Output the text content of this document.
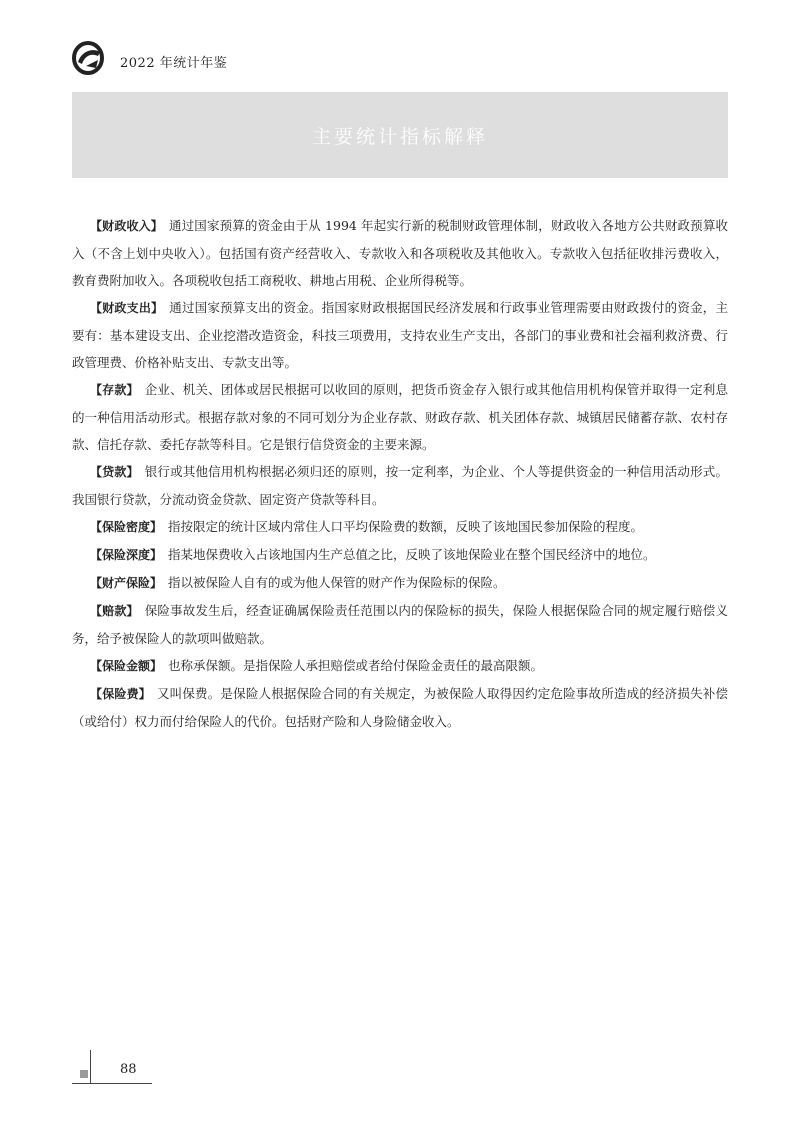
2022 年统计年鉴
主要统计指标解释

【财政收入】 通过国家预算的资金由于从 1994 年起实行新的税制财政管理体制，财政收入各地方公共财政预算收入（不含上划中央收入）。包括国有资产经营收入、专款收入和各项税收及其他收入。专款收入包括征收排污费收入，教育费附加收入。各项税收包括工商税收、耕地占用税、企业所得税等。

【财政支出】 通过国家预算支出的资金。指国家财政根据国民经济发展和行政事业管理需要由财政拨付的资金，主要有：基本建设支出、企业挖潜改造资金，科技三项费用，支持农业生产支出，各部门的事业费和社会福利救济费、行政管理费、价格补贴支出、专款支出等。

【存款】 企业、机关、团体或居民根据可以收回的原则，把货币资金存入银行或其他信用机构保管并取得一定利息的一种信用活动形式。根据存款对象的不同可划分为企业存款、财政存款、机关团体存款、城镇居民储蓄存款、农村存款、信托存款、委托存款等科目。它是银行信贷资金的主要来源。

【贷款】 银行或其他信用机构根据必须归还的原则，按一定利率，为企业、个人等提供资金的一种信用活动形式。我国银行贷款，分流动资金贷款、固定资产贷款等科目。

【保险密度】 指按限定的统计区域内常住人口平均保险费的数额，反映了该地国民参加保险的程度。

【保险深度】 指某地保费收入占该地国内生产总值之比，反映了该地保险业在整个国民经济中的地位。

【财产保险】 指以被保险人自有的或为他人保管的财产作为保险标的保险。

【赔款】 保险事故发生后，经查证确属保险责任范围以内的保险标的损失，保险人根据保险合同的规定履行赔偿义务，给予被保险人的款项叫做赔款。

【保险金额】 也称承保额。是指保险人承担赔偿或者给付保险金责任的最高限额。

【保险费】 又叫保费。是保险人根据保险合同的有关规定，为被保险人取得因约定危险事故所造成的经济损失补偿（或给付）权力而付给保险人的代价。包括财产险和人身险储金收入。

88
